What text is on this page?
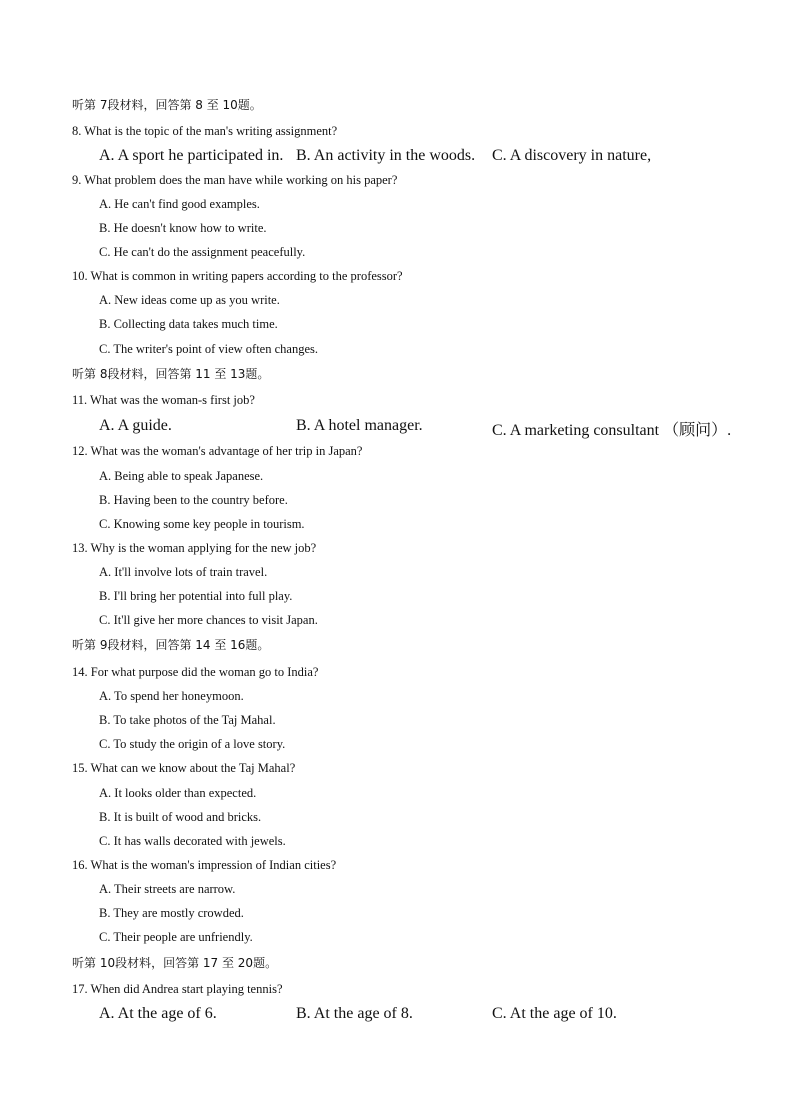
听第 7段材料，回答第 8 至 10题。
8. What is the topic of the man's writing assignment?
A. A sport he participated in. B. An activity in the woods. C. A discovery in nature,
9. What problem does the man have while working on his paper?
A. He can't find good examples.
B. He doesn't know how to write.
C. He can't do the assignment peacefully.
10. What is common in writing papers according to the professor?
A. New ideas come up as you write.
B. Collecting data takes much time.
C. The writer's point of view often changes.
听第 8段材料，回答第 11 至 13题。
11. What was the woman-s first job?
A. A guide.	B. A hotel manager.	C. A marketing consultant （顾问）.
12. What was the woman's advantage of her trip in Japan?
A. Being able to speak Japanese.
B. Having been to the country before.
C. Knowing some key people in tourism.
13. Why is the woman applying for the new job?
A. It'll involve lots of train travel.
B. I'll bring her potential into full play.
C. It'll give her more chances to visit Japan.
听第 9段材料，回答第 14 至 16题。
14. For what purpose did the woman go to India?
A. To spend her honeymoon.
B. To take photos of the Taj Mahal.
C. To study the origin of a love story.
15. What can we know about the Taj Mahal?
A. It looks older than expected.
B. It is built of wood and bricks.
C. It has walls decorated with jewels.
16. What is the woman's impression of Indian cities?
A. Their streets are narrow.
B. They are mostly crowded.
C. Their people are unfriendly.
听第 10段材料，回答第 17 至 20题。
17. When did Andrea start playing tennis?
A. At the age of 6.	B. At the age of 8.	C. At the age of 10.
